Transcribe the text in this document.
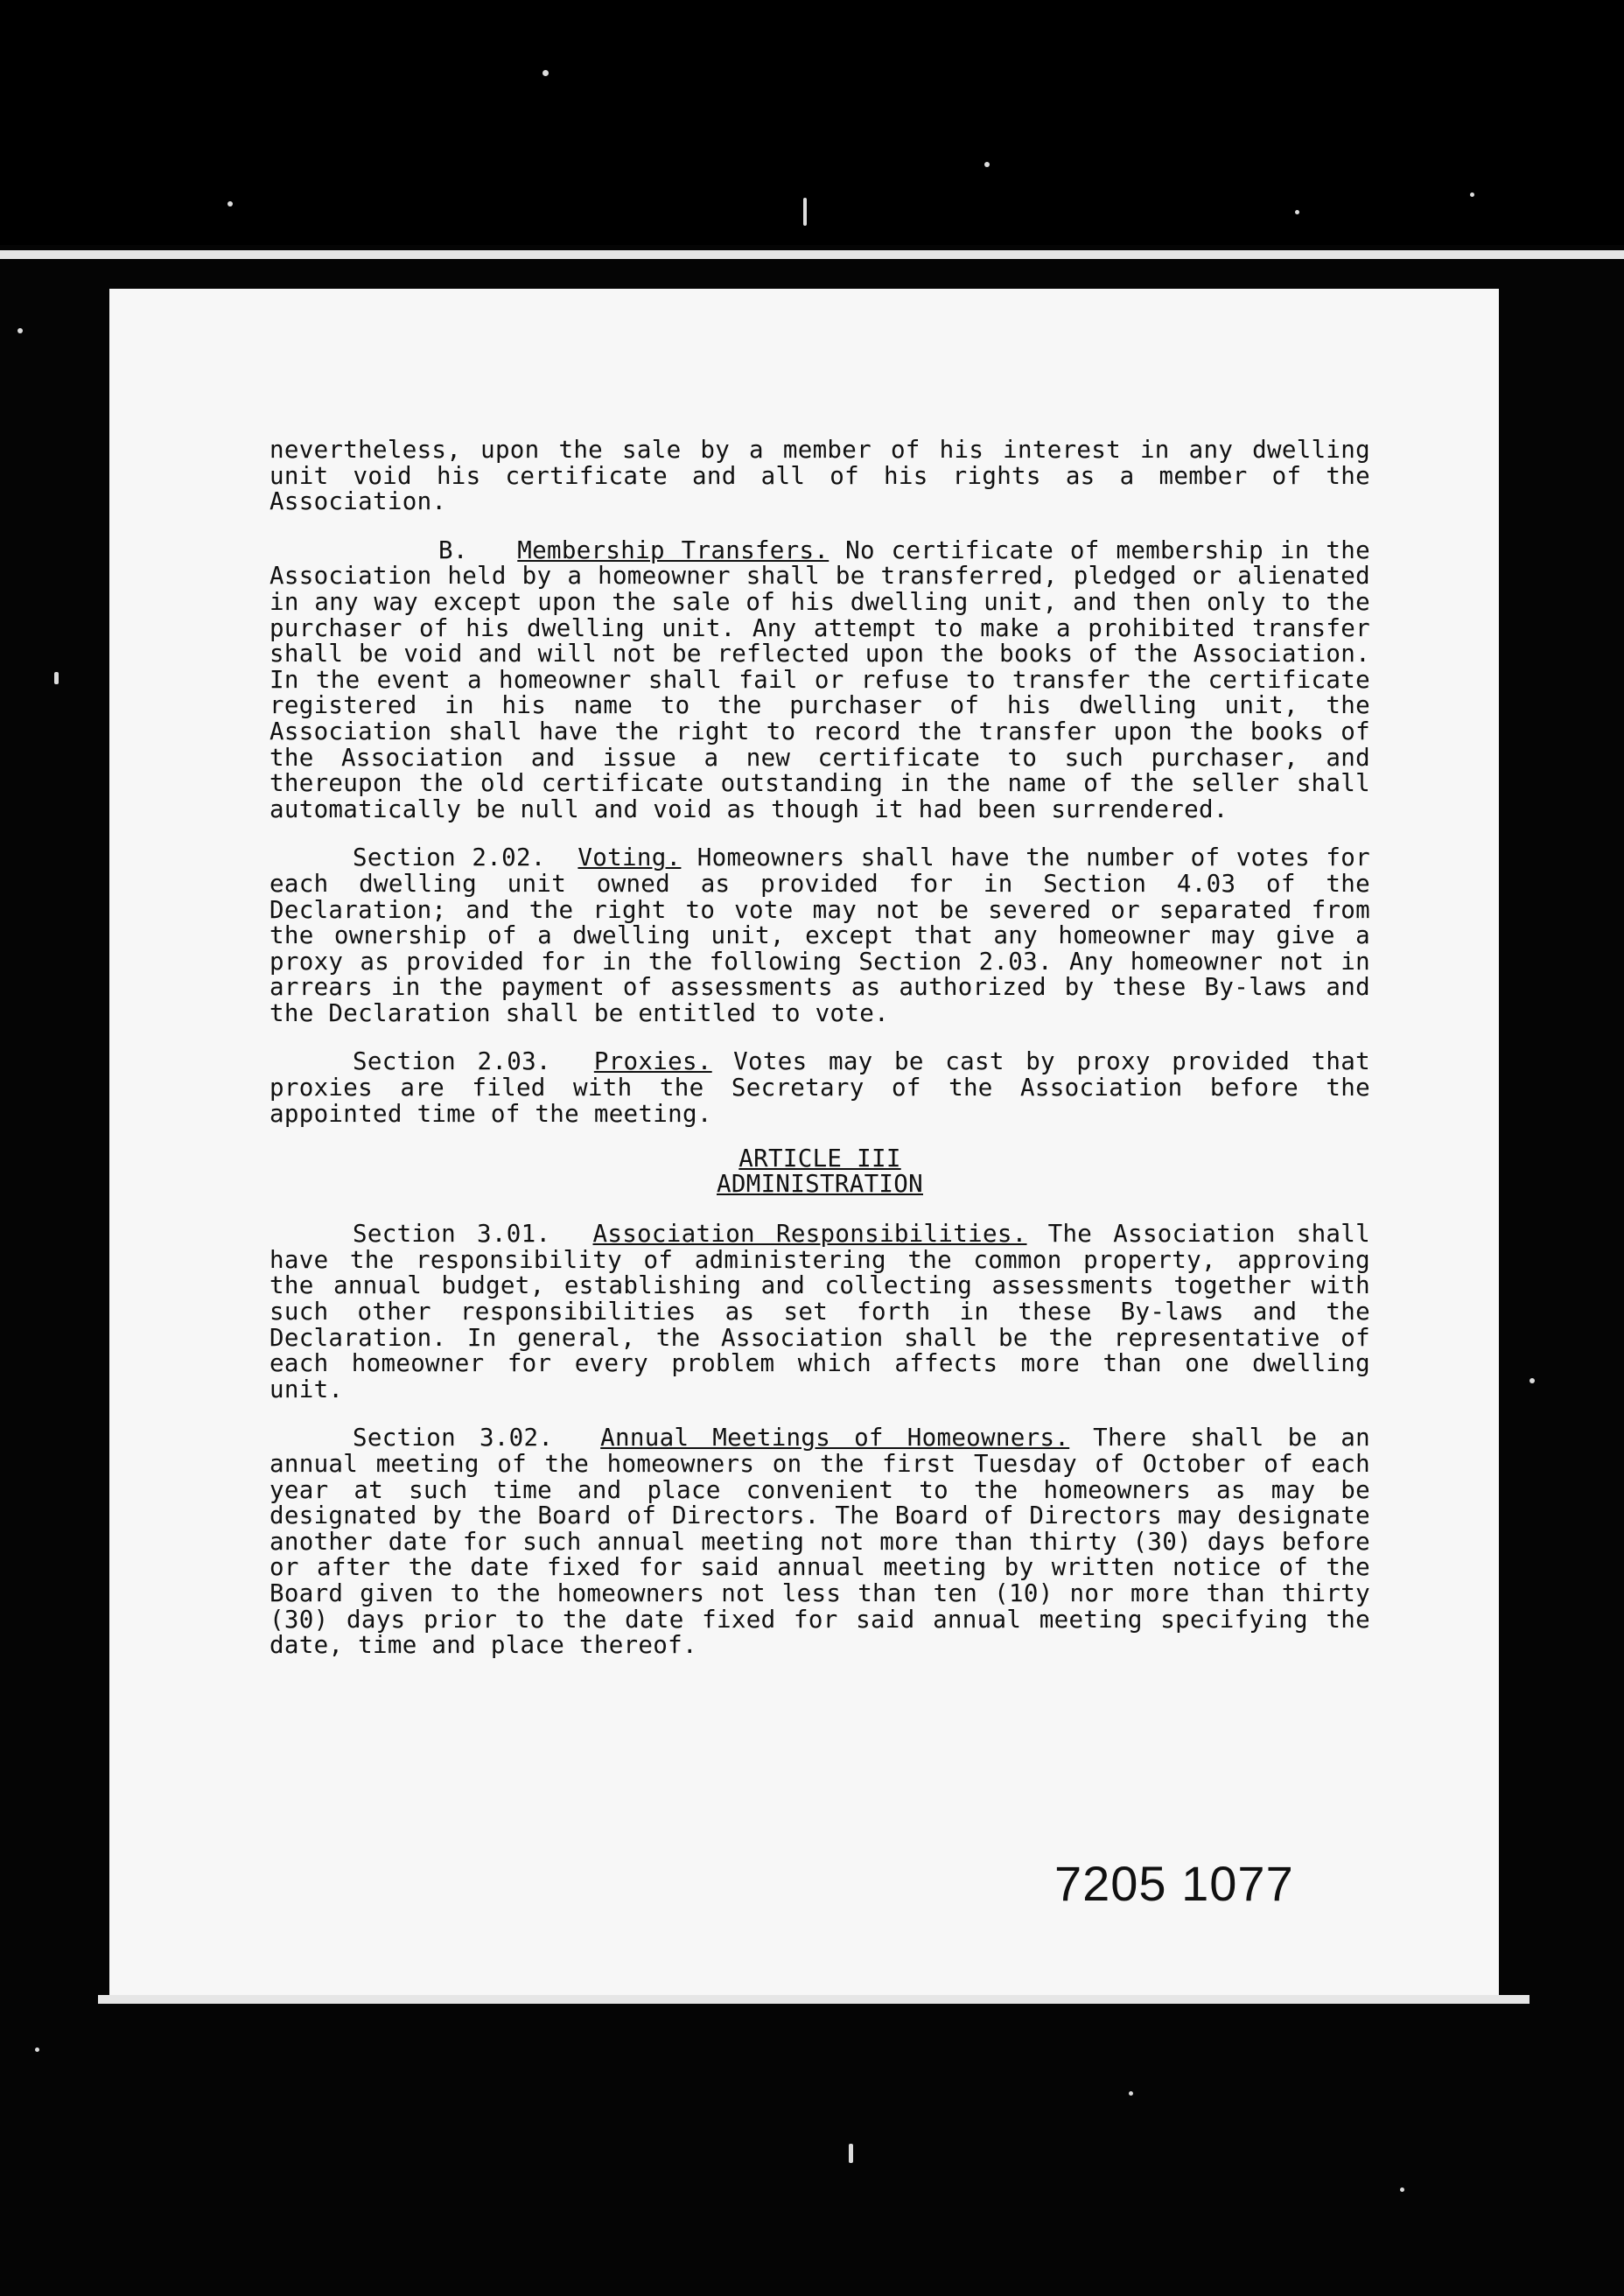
nevertheless, upon the sale by a member of his interest in any dwelling unit void his certificate and all of his rights as a member of the Association.

B. Membership Transfers. No certificate of membership in the Association held by a homeowner shall be transferred, pledged or alienated in any way except upon the sale of his dwelling unit, and then only to the purchaser of his dwelling unit. Any attempt to make a prohibited transfer shall be void and will not be reflected upon the books of the Association. In the event a homeowner shall fail or refuse to transfer the certificate registered in his name to the purchaser of his dwelling unit, the Association shall have the right to record the transfer upon the books of the Association and issue a new certificate to such purchaser, and thereupon the old certificate outstanding in the name of the seller shall automatically be null and void as though it had been surrendered.

Section 2.02. Voting. Homeowners shall have the number of votes for each dwelling unit owned as provided for in Section 4.03 of the Declaration; and the right to vote may not be severed or separated from the ownership of a dwelling unit, except that any homeowner may give a proxy as provided for in the following Section 2.03. Any homeowner not in arrears in the payment of assessments as authorized by these By-laws and the Declaration shall be entitled to vote.

Section 2.03. Proxies. Votes may be cast by proxy provided that proxies are filed with the Secretary of the Association before the appointed time of the meeting.

ARTICLE III
ADMINISTRATION

Section 3.01. Association Responsibilities. The Association shall have the responsibility of administering the common property, approving the annual budget, establishing and collecting assessments together with such other responsibilities as set forth in these By-laws and the Declaration. In general, the Association shall be the representative of each homeowner for every problem which affects more than one dwelling unit.

Section 3.02. Annual Meetings of Homeowners. There shall be an annual meeting of the homeowners on the first Tuesday of October of each year at such time and place convenient to the homeowners as may be designated by the Board of Directors. The Board of Directors may designate another date for such annual meeting not more than thirty (30) days before or after the date fixed for said annual meeting by written notice of the Board given to the homeowners not less than ten (10) nor more than thirty (30) days prior to the date fixed for said annual meeting specifying the date, time and place thereof.

7205 1077
